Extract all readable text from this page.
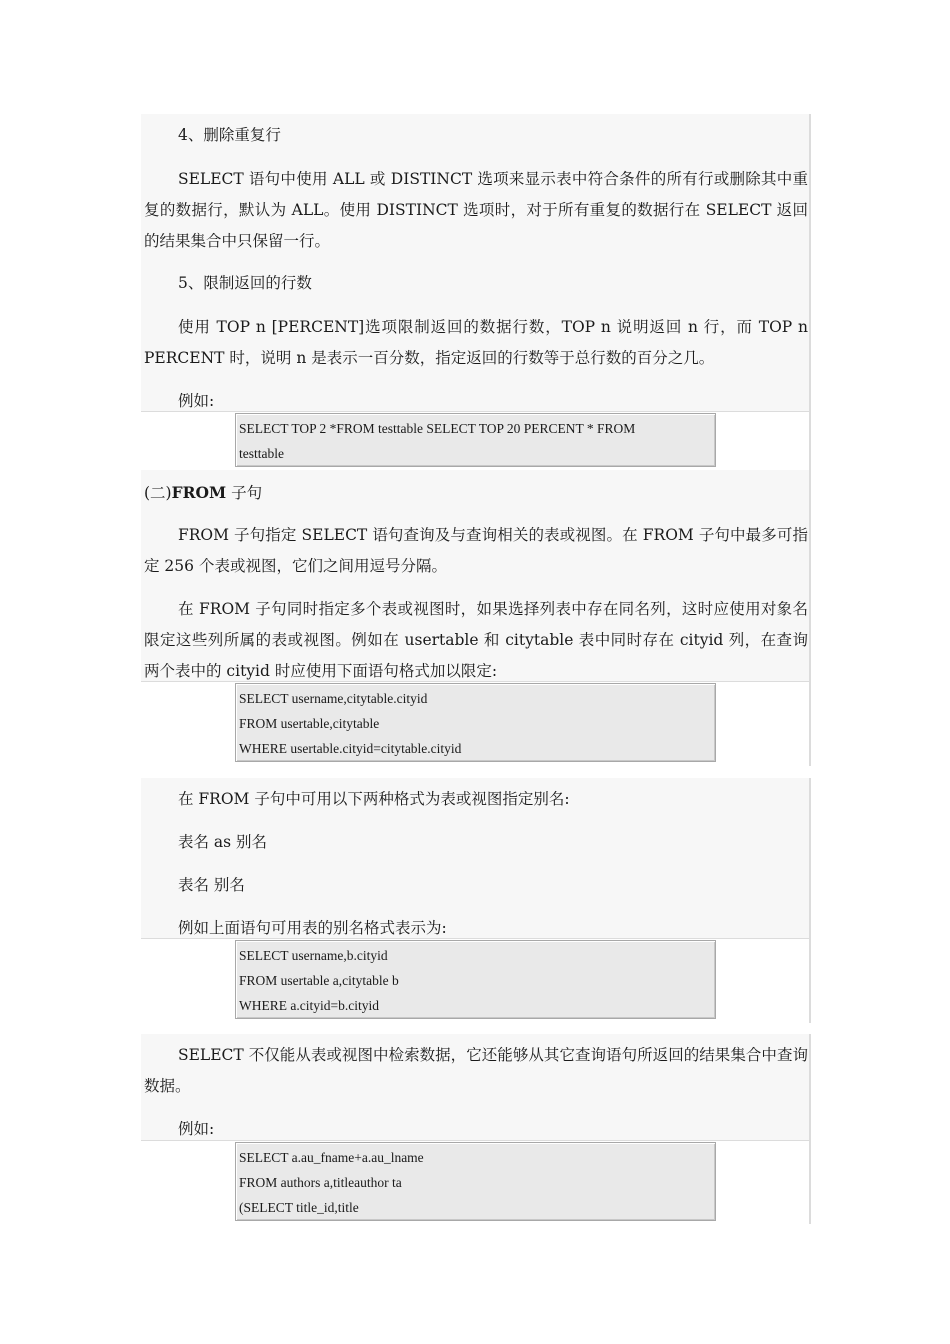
4、删除重复行

SELECT 语句中使用 ALL 或 DISTINCT 选项来显示表中符合条件的所有行或删除其中重复的数据行，默认为 ALL。使用 DISTINCT 选项时，对于所有重复的数据行在 SELECT 返回的结果集合中只保留一行。

5、限制返回的行数

使用 TOP n [PERCENT]选项限制返回的数据行数，TOP n 说明返回 n 行，而 TOP n PERCENT 时，说明 n 是表示一百分数，指定返回的行数等于总行数的百分之几。

例如:

SELECT TOP 2 *FROM testtable SELECT TOP 20 PERCENT * FROM
testtable
(二)FROM 子句

FROM 子句指定 SELECT 语句查询及与查询相关的表或视图。在 FROM 子句中最多可指定 256 个表或视图，它们之间用逗号分隔。

在 FROM 子句同时指定多个表或视图时，如果选择列表中存在同名列，这时应使用对象名限定这些列所属的表或视图。例如在 usertable 和 citytable 表中同时存在 cityid 列，在查询两个表中的 cityid 时应使用下面语句格式加以限定:

SELECT username,citytable.cityid
FROM usertable,citytable
WHERE usertable.cityid=citytable.cityid

在 FROM 子句中可用以下两种格式为表或视图指定别名:

表名 as 别名

表名 别名

例如上面语句可用表的别名格式表示为:

SELECT username,b.cityid
FROM usertable a,citytable b
WHERE a.cityid=b.cityid

SELECT 不仅能从表或视图中检索数据，它还能够从其它查询语句所返回的结果集合中查询数据。

例如:

SELECT a.au_fname+a.au_lname
FROM authors a,titleauthor ta
(SELECT title_id,title
